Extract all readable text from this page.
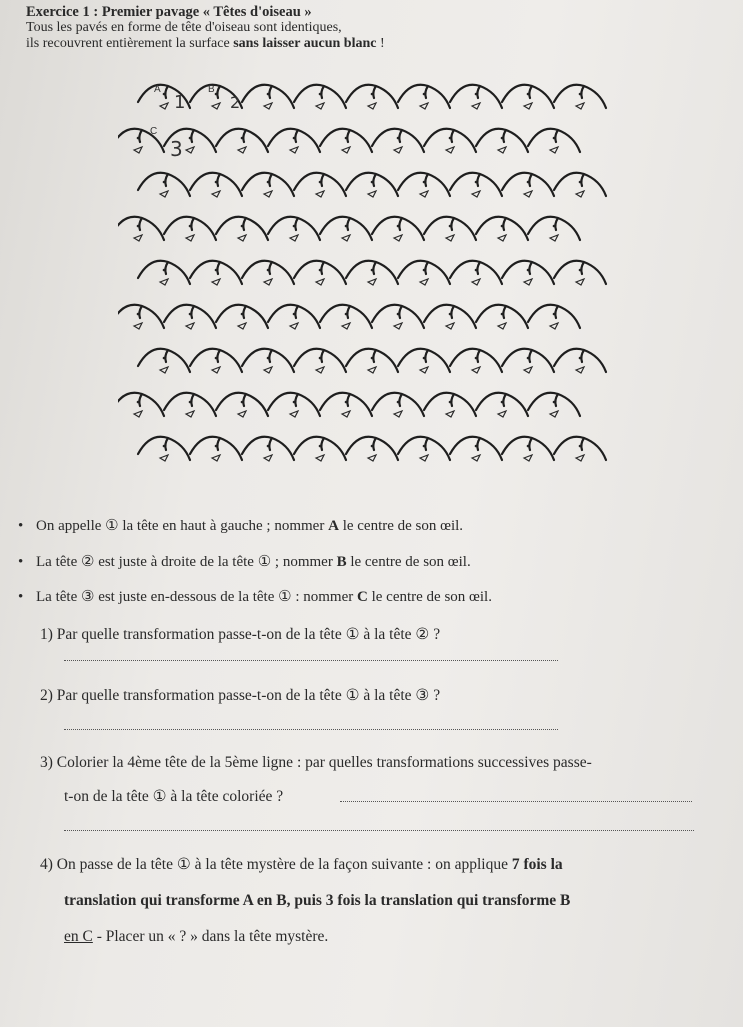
Exercice 1 : Premier pavage « Têtes d'oiseau »
Tous les pavés en forme de tête d'oiseau sont identiques,
ils recouvrent entièrement la surface sans laisser aucun blanc !
A	B
C
1	2
3
• On appelle ① la tête en haut à gauche ; nommer A le centre de son œil.
• La tête ② est juste à droite de la tête ① ; nommer B le centre de son œil.
• La tête ③ est juste en-dessous de la tête ① : nommer C le centre de son œil.
1) Par quelle transformation passe-t-on de la tête ① à la tête ② ?
2) Par quelle transformation passe-t-on de la tête ① à la tête ③ ?
3) Colorier la 4ème tête de la 5ème ligne : par quelles transformations successives passe-
t-on de la tête ① à la tête coloriée ?
4) On passe de la tête ① à la tête mystère de la façon suivante : on applique 7 fois la
translation qui transforme A en B, puis 3 fois la translation qui transforme B
en C - Placer un « ? » dans la tête mystère.
